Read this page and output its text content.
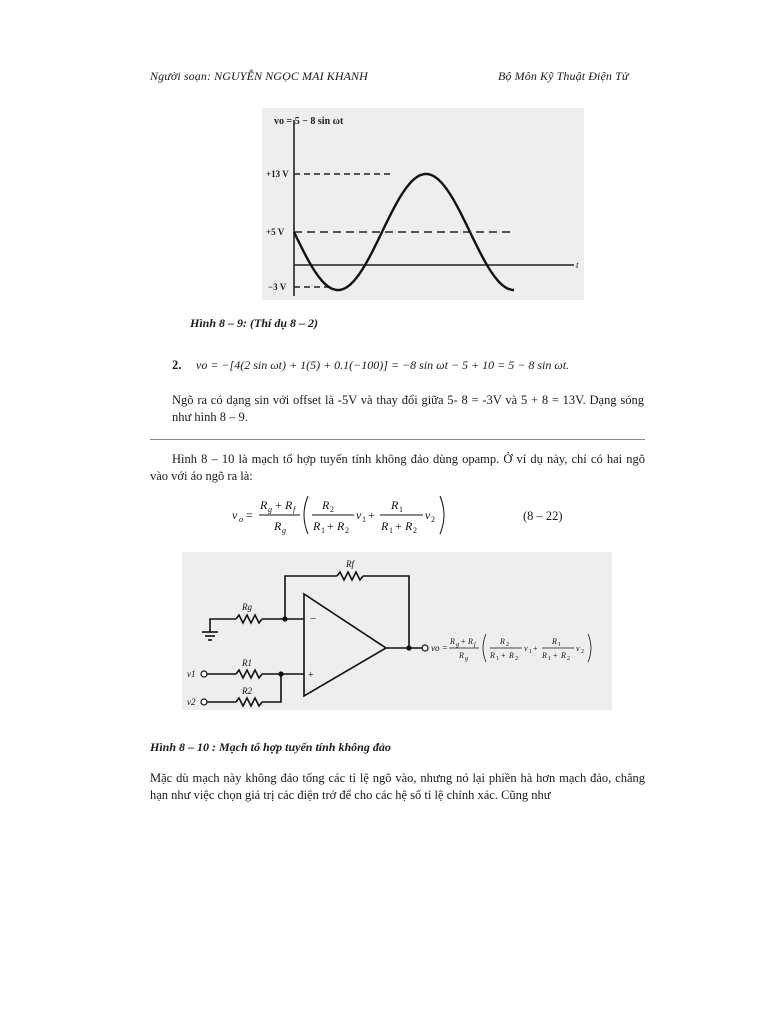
Người soạn: NGUYỄN NGỌC MAI KHANH	Bộ Môn Kỹ Thuật Điện Tử
vo = 5 − 8 sin ωt
t
+13 V
+5 V
−3 V
Hình 8 – 9: (Thí dụ 8 – 2)
2. vo = −[4(2 sin ωt) + 1(5) + 0.1(−100)] = −8 sin ωt − 5 + 10 = 5 − 8 sin ωt.
Ngõ ra có dạng sin với offset là -5V và thay đổi giữa 5- 8 = -3V và 5 + 8 = 13V. Dạng sóng như hình 8 – 9.
Hình 8 – 10 là mạch tổ hợp tuyến tính không đảo dùng opamp. Ở ví dụ này, chỉ có hai ngõ vào với áo ngõ ra là:
v o =
R g + R f
R g
R 2
R 1 + R 2
v 1 +
R 1
R 1 + R 2
v 2	(8 – 22)
Rf
Rg
R1
R2
v1
v2
−
+
vo =
R g + R f
R g
R 2
R 1 + R 2
v 1 +
R 1
R 1 + R 2
v 2
Hình 8 – 10 : Mạch tổ hợp tuyến tính không đảo
Mặc dù mạch này không đảo tổng các tỉ lệ ngõ vào, nhưng nó lại phiền hà hơn mạch đảo, chẳng hạn như việc chọn giá trị các điện trở để cho các hệ số tỉ lệ chính xác. Cũng như
